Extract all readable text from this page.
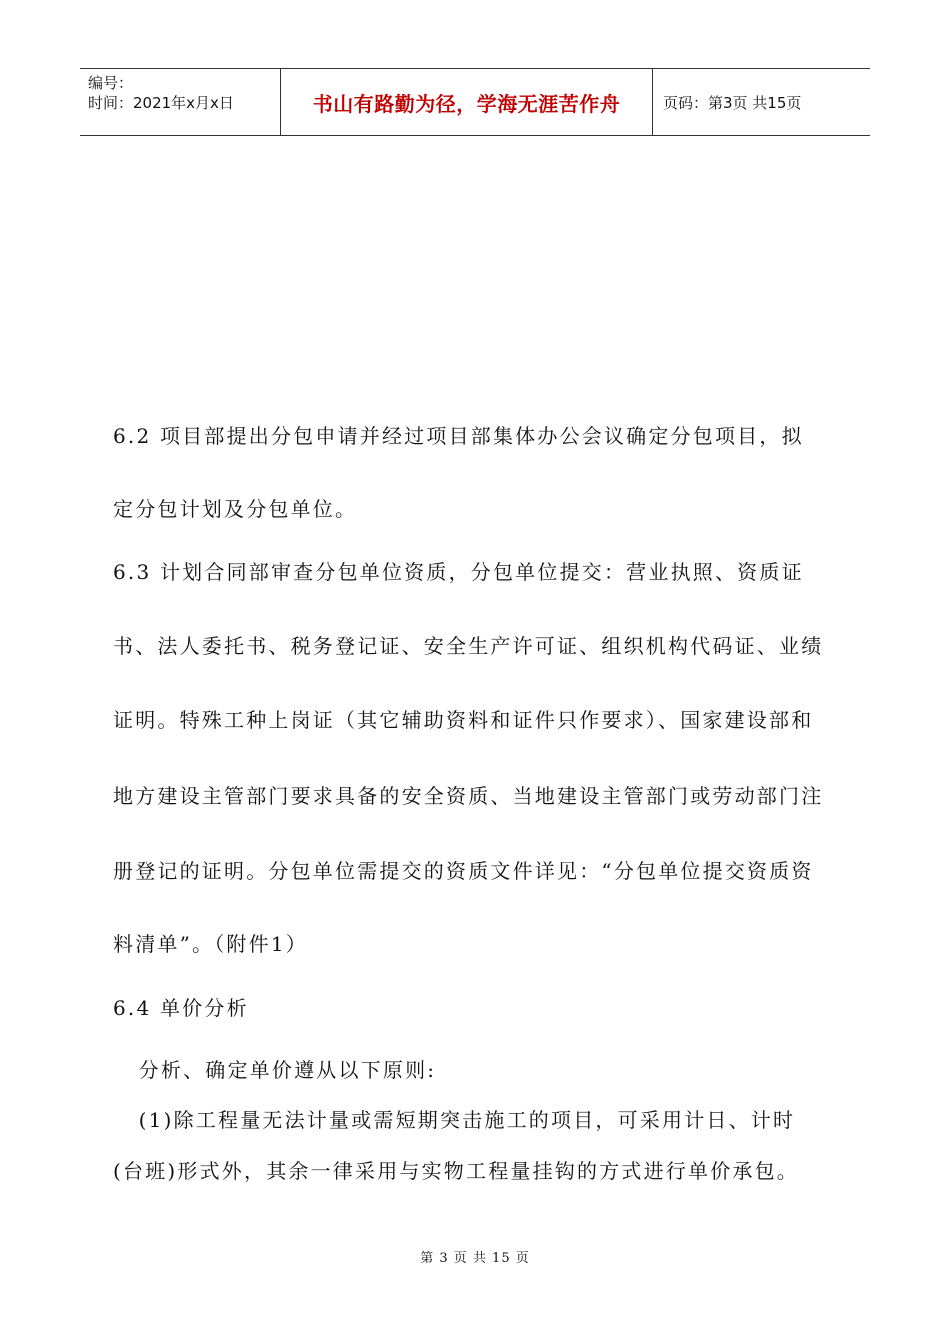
编号：
时间：2021年x月x日	书山有路勤为径，学海无涯苦作舟	页码：第3页 共15页
6.2 项目部提出分包申请并经过项目部集体办公会议确定分包项目，拟
定分包计划及分包单位。
6.3 计划合同部审查分包单位资质，分包单位提交：营业执照、资质证
书、法人委托书、税务登记证、安全生产许可证、组织机构代码证、业绩
证明。特殊工种上岗证（其它辅助资料和证件只作要求）、国家建设部和
地方建设主管部门要求具备的安全资质、当地建设主管部门或劳动部门注
册登记的证明。分包单位需提交的资质文件详见：“分包单位提交资质资
料清单”。（附件1）
6.4 单价分析
分析、确定单价遵从以下原则:
(1)除工程量无法计量或需短期突击施工的项目，可采用计日、计时
(台班)形式外，其余一律采用与实物工程量挂钩的方式进行单价承包。
第 3 页 共 15 页
